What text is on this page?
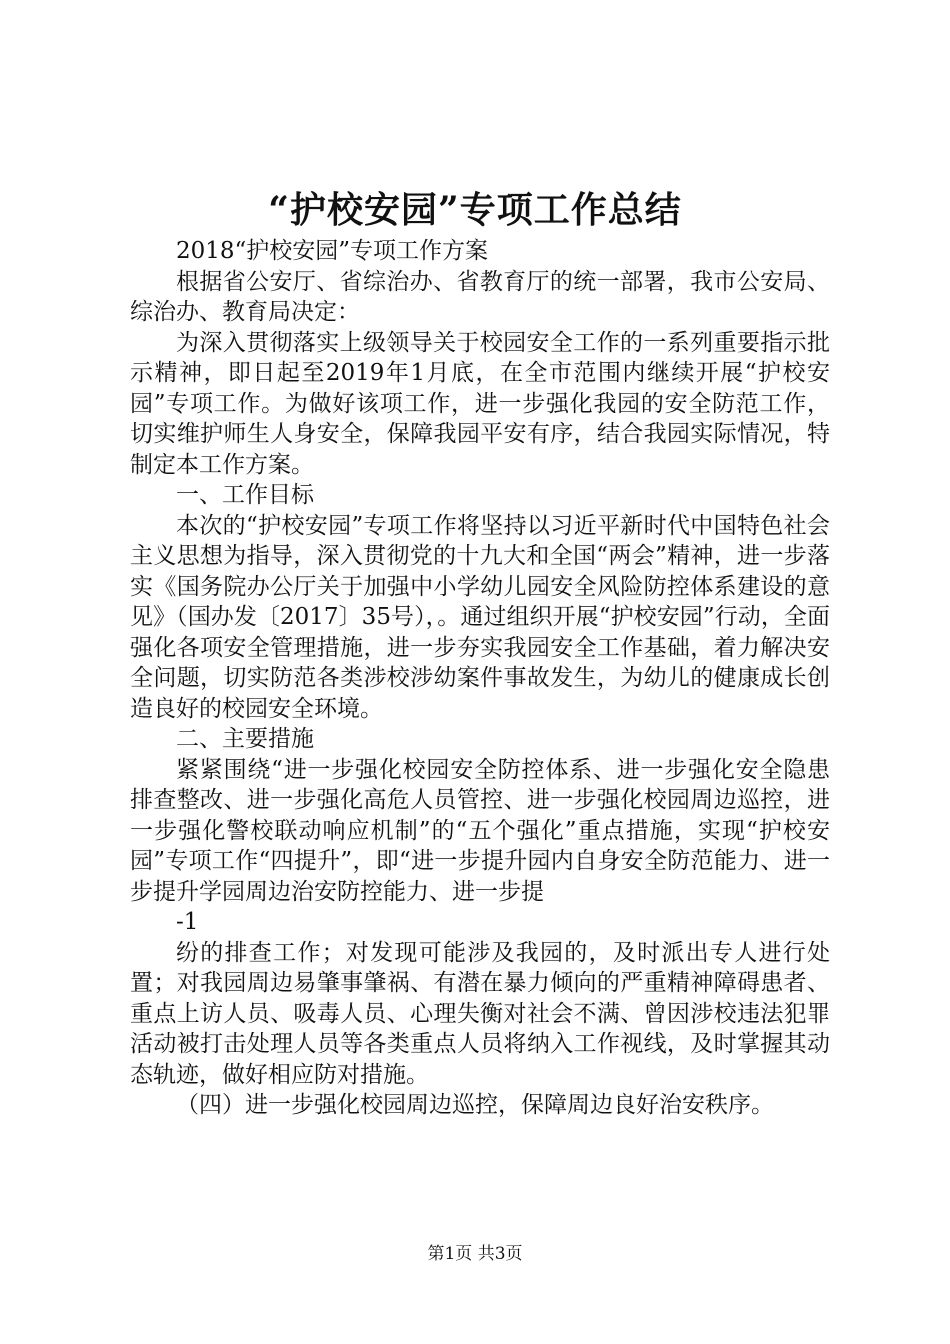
“护校安园”专项工作总结

2018“护校安园”专项工作方案

根据省公安厅、省综治办、省教育厅的统一部署，我市公安局、综治办、教育局决定：

为深入贯彻落实上级领导关于校园安全工作的一系列重要指示批示精神，即日起至2019年1月底，在全市范围内继续开展“护校安园”专项工作。为做好该项工作，进一步强化我园的安全防范工作，切实维护师生人身安全，保障我园平安有序，结合我园实际情况，特制定本工作方案。

一、工作目标

本次的“护校安园”专项工作将坚持以习近平新时代中国特色社会主义思想为指导，深入贯彻党的十九大和全国“两会”精神，进一步落实《国务院办公厅关于加强中小学幼儿园安全风险防控体系建设的意见》（国办发〔2017〕35号），。通过组织开展“护校安园”行动，全面强化各项安全管理措施，进一步夯实我园安全工作基础，着力解决安全问题，切实防范各类涉校涉幼案件事故发生，为幼儿的健康成长创造良好的校园安全环境。

二、主要措施

紧紧围绕“进一步强化校园安全防控体系、进一步强化安全隐患排查整改、进一步强化高危人员管控、进一步强化校园周边巡控，进一步强化警校联动响应机制”的“五个强化”重点措施，实现“护校安园”专项工作“四提升”，即“进一步提升园内自身安全防范能力、进一步提升学园周边治安防控能力、进一步提

-1

纷的排查工作；对发现可能涉及我园的，及时派出专人进行处置；对我园周边易肇事肇祸、有潜在暴力倾向的严重精神障碍患者、重点上访人员、吸毒人员、心理失衡对社会不满、曾因涉校违法犯罪活动被打击处理人员等各类重点人员将纳入工作视线，及时掌握其动态轨迹，做好相应防对措施。

（四）进一步强化校园周边巡控，保障周边良好治安秩序。

第1页 共3页
